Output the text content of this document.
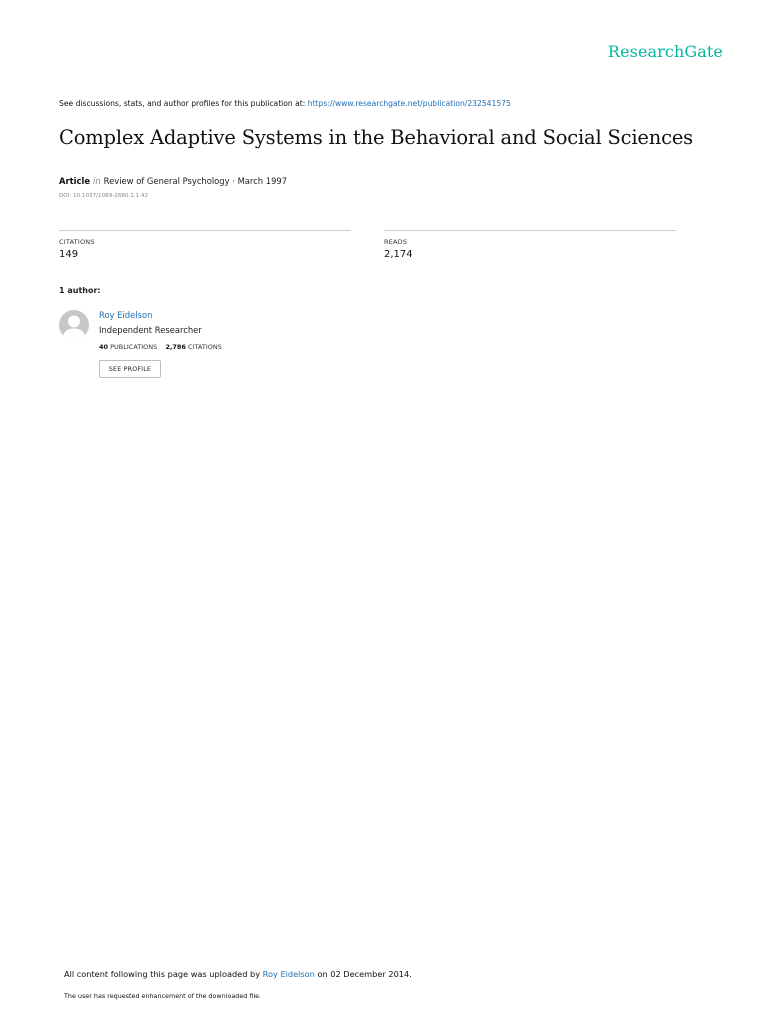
ResearchGate
See discussions, stats, and author profiles for this publication at: https://www.researchgate.net/publication/232541575
Complex Adaptive Systems in the Behavioral and Social Sciences
Article in Review of General Psychology · March 1997
DOI: 10.1037/1089-2680.1.1.42
CITATIONS
149
READS
2,174
1 author:
Roy Eidelson
Independent Researcher
40 PUBLICATIONS 2,786 CITATIONS
SEE PROFILE
All content following this page was uploaded by Roy Eidelson on 02 December 2014.
The user has requested enhancement of the downloaded file.
